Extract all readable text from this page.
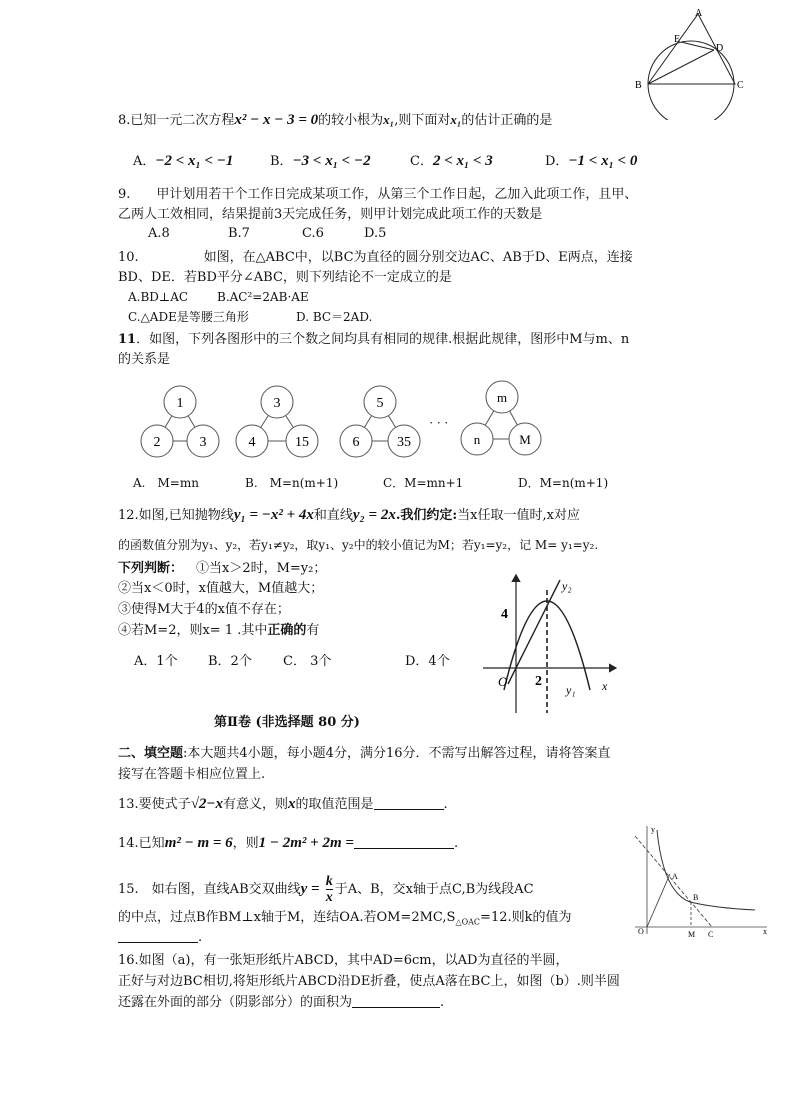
A
E
D
B	C
8.已知一元二次方程x² − x − 3 = 0的较小根为x₁,则下面对x₁的估计正确的是
A．−2 < x₁ < −1	B．−3 < x₁ < −2	C．2 < x₁ < 3	D．−1 < x₁ < 0
9.　　甲计划用若干个工作日完成某项工作，从第三个工作日起，乙加入此项工作，且甲、
乙两人工效相同，结果提前3天完成任务，则甲计划完成此项工作的天数是
A.8	B.7	C.6	D.5
10.　　　　　如图，在△ABC中，以BC为直径的圆分别交边AC、AB于D、E两点，连接
BD、DE．若BD平分∠ABC，则下列结论不一定成立的是
A.BD⊥AC B.AC²=2AB·AE
C.△ADE是等腰三角形	D. BC＝2AD.
11．如图，下列各图形中的三个数之间均具有相同的规律.根据此规律，图形中M与m、n
的关系是
1
2	3
3
4	15
5
6	35
· · ·
m
n	M
A.　M=mn	B.　M=n(m+1)	C．M=mn+1	D．M=n(m+1)
12.如图,已知抛物线y₁ = −x² + 4x和直线y₂ = 2x.我们约定:当x任取一值时,x对应
的函数值分别为y₁、y₂，若y₁≠y₂，取y₁、y₂中的较小值记为M；若y₁=y₂，记 M= y₁=y₂.
下列判断： ①当x＞2时，M=y₂；
②当x＜0时，x值越大，M值越大；
③使得M大于4的x值不存在；
④若M=2，则x= 1 .其中正确的有
A．1个 B．2个 C． 3个	D．4个
y₂
4
2
O
y₁ x
第Ⅱ卷 (非选择题 80 分)
二、填空题:本大题共4小题，每小题4分，满分16分．不需写出解答过程，请将答案直
接写在答题卡相应位置上.
13.要使式子√2−x有意义，则x的取值范围是	.
14.已知m² − m = 6，则1 − 2m² + 2m =	.
y
x
O
A
B
M C
15.　如右图，直线AB交双曲线$y = \frac{k}{x}$ 于A、B，交x轴于点C,B为线段AC
的中点，过点B作BM⊥x轴于M，连结OA.若$OM=2MC,S_{\triangle OAC}=12$.则k的值为
.
16.如图（a)，有一张矩形纸片ABCD，其中AD=6cm，以AD为直径的半圆，
正好与对边BC相切,将矩形纸片ABCD沿DE折叠，使点A落在BC上，如图（b）.则半圆
还露在外面的部分（阴影部分）的面积为	.
